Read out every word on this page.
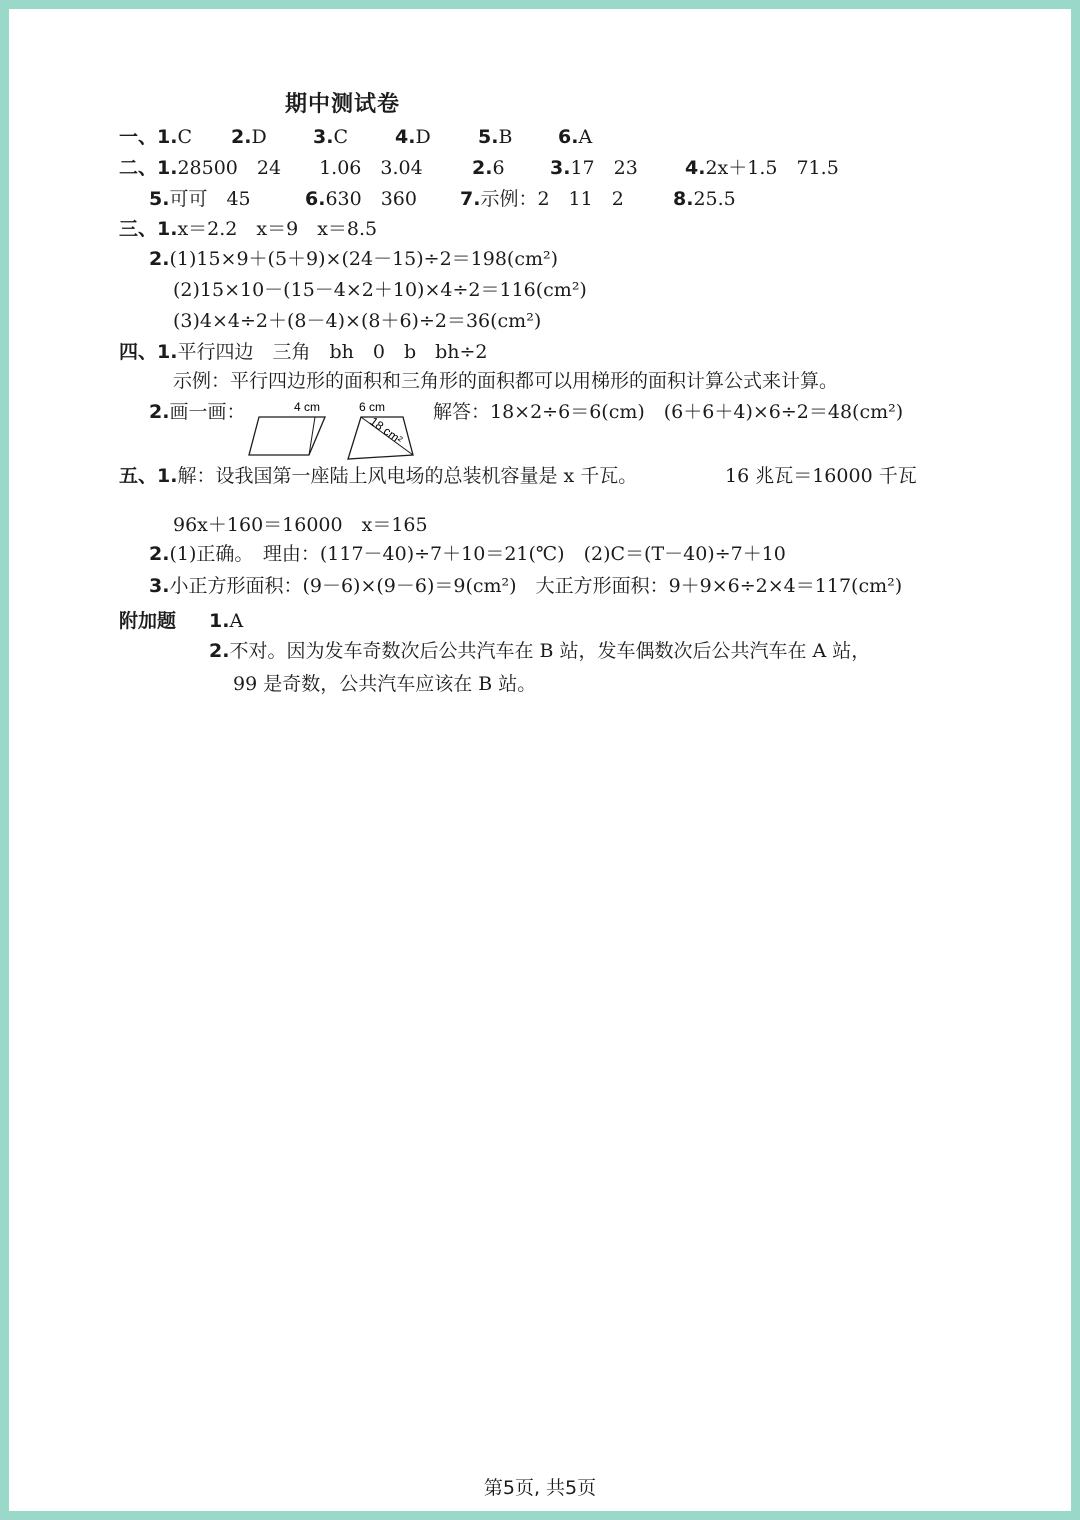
期中测试卷
一、1.C 2.D 3.C 4.D 5.B 6.A
二、1.28500　24　　1.06　3.04	2.6 3.17　23 4.2x＋1.5　71.5
5.可可　45	6.630　360 7.示例：2　11　2	8.25.5
三、1.x＝2.2　x＝9　x＝8.5
2.(1)15×9＋(5＋9)×(24－15)÷2＝198(cm²)
(2)15×10－(15－4×2＋10)×4÷2＝116(cm²)
(3)4×4÷2＋(8－4)×(8＋6)÷2＝36(cm²)
四、1.平行四边　三角　bh　0　b　bh÷2
示例：平行四边形的面积和三角形的面积都可以用梯形的面积计算公式来计算。
2.画一画：	4 cm	6 cm
18 cm²
解答：18×2÷6＝6(cm)　(6＋6＋4)×6÷2＝48(cm²)
五、1.解：设我国第一座陆上风电场的总装机容量是 x 千瓦。	16 兆瓦＝16000 千瓦
96x＋160＝16000　x＝165
2.(1)正确。　理由：(117－40)÷7＋10＝21(℃)　(2)C＝(T－40)÷7＋10
3.小正方形面积：(9－6)×(9－6)＝9(cm²)　大正方形面积：9＋9×6÷2×4＝117(cm²)
附加题 1.A
2.不对。因为发车奇数次后公共汽车在 B 站，发车偶数次后公共汽车在 A 站，
99 是奇数，公共汽车应该在 B 站。
第5页, 共5页
